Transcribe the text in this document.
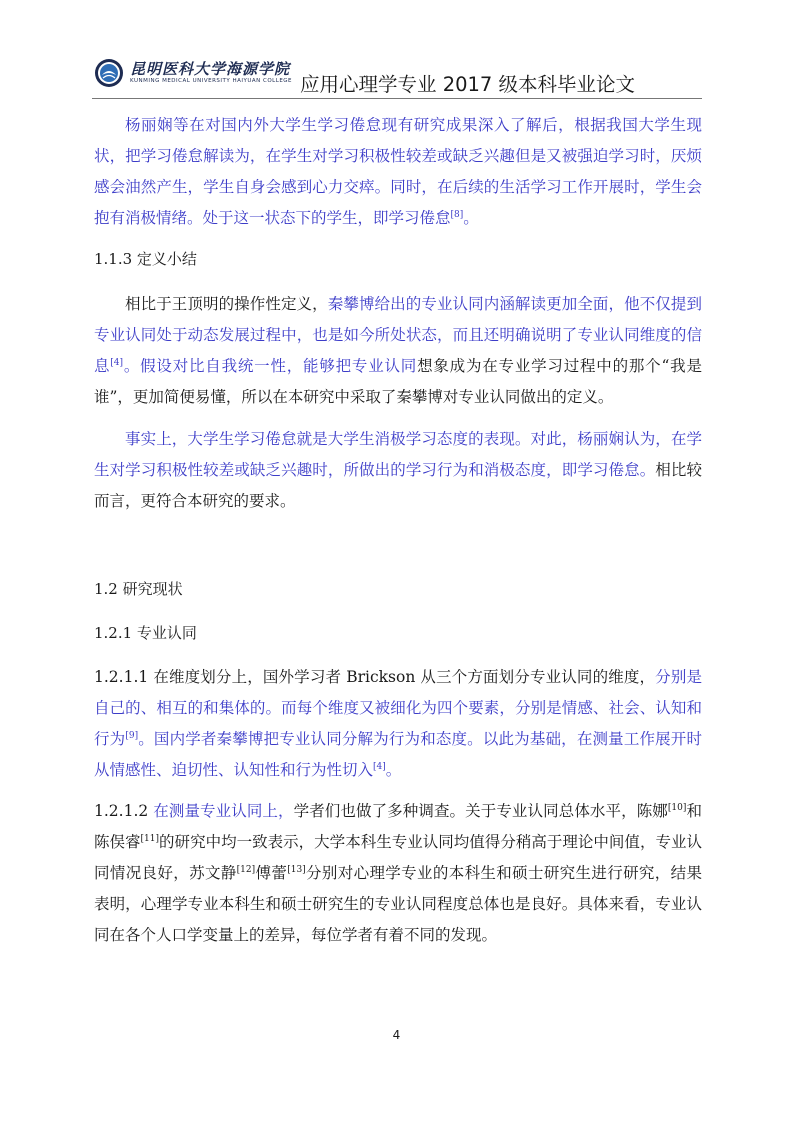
昆明医科大学海源学院
KUNMING MEDICAL UNIVERSITY HAIYUAN COLLEGE 应用心理学专业 2017 级本科毕业论文

杨丽娴等在对国内外大学生学习倦怠现有研究成果深入了解后，根据我国大学生现状，把学习倦怠解读为，在学生对学习积极性较差或缺乏兴趣但是又被强迫学习时，厌烦感会油然产生，学生自身会感到心力交瘁。同时，在后续的生活学习工作开展时，学生会抱有消极情绪。处于这一状态下的学生，即学习倦怠[8]。

1.1.3 定义小结

相比于王顶明的操作性定义，秦攀博给出的专业认同内涵解读更加全面，他不仅提到专业认同处于动态发展过程中，也是如今所处状态，而且还明确说明了专业认同维度的信息[4]。假设对比自我统一性，能够把专业认同想象成为在专业学习过程中的那个“我是谁”，更加简便易懂，所以在本研究中采取了秦攀博对专业认同做出的定义。

事实上，大学生学习倦怠就是大学生消极学习态度的表现。对此，杨丽娴认为，在学生对学习积极性较差或缺乏兴趣时，所做出的学习行为和消极态度，即学习倦怠。相比较而言，更符合本研究的要求。

1.2 研究现状
1.2.1 专业认同

1.2.1.1 在维度划分上，国外学习者 Brickson 从三个方面划分专业认同的维度，分别是自己的、相互的和集体的。而每个维度又被细化为四个要素，分别是情感、社会、认知和行为[9]。国内学者秦攀博把专业认同分解为行为和态度。以此为基础，在测量工作展开时从情感性、迫切性、认知性和行为性切入[4]。

1.2.1.2 在测量专业认同上，学者们也做了多种调查。关于专业认同总体水平，陈娜[10]和陈俣睿[11]的研究中均一致表示，大学本科生专业认同均值得分稍高于理论中间值，专业认同情况良好，苏文静[12]傅蕾[13]分别对心理学专业的本科生和硕士研究生进行研究，结果表明，心理学专业本科生和硕士研究生的专业认同程度总体也是良好。具体来看，专业认同在各个人口学变量上的差异，每位学者有着不同的发现。

4
